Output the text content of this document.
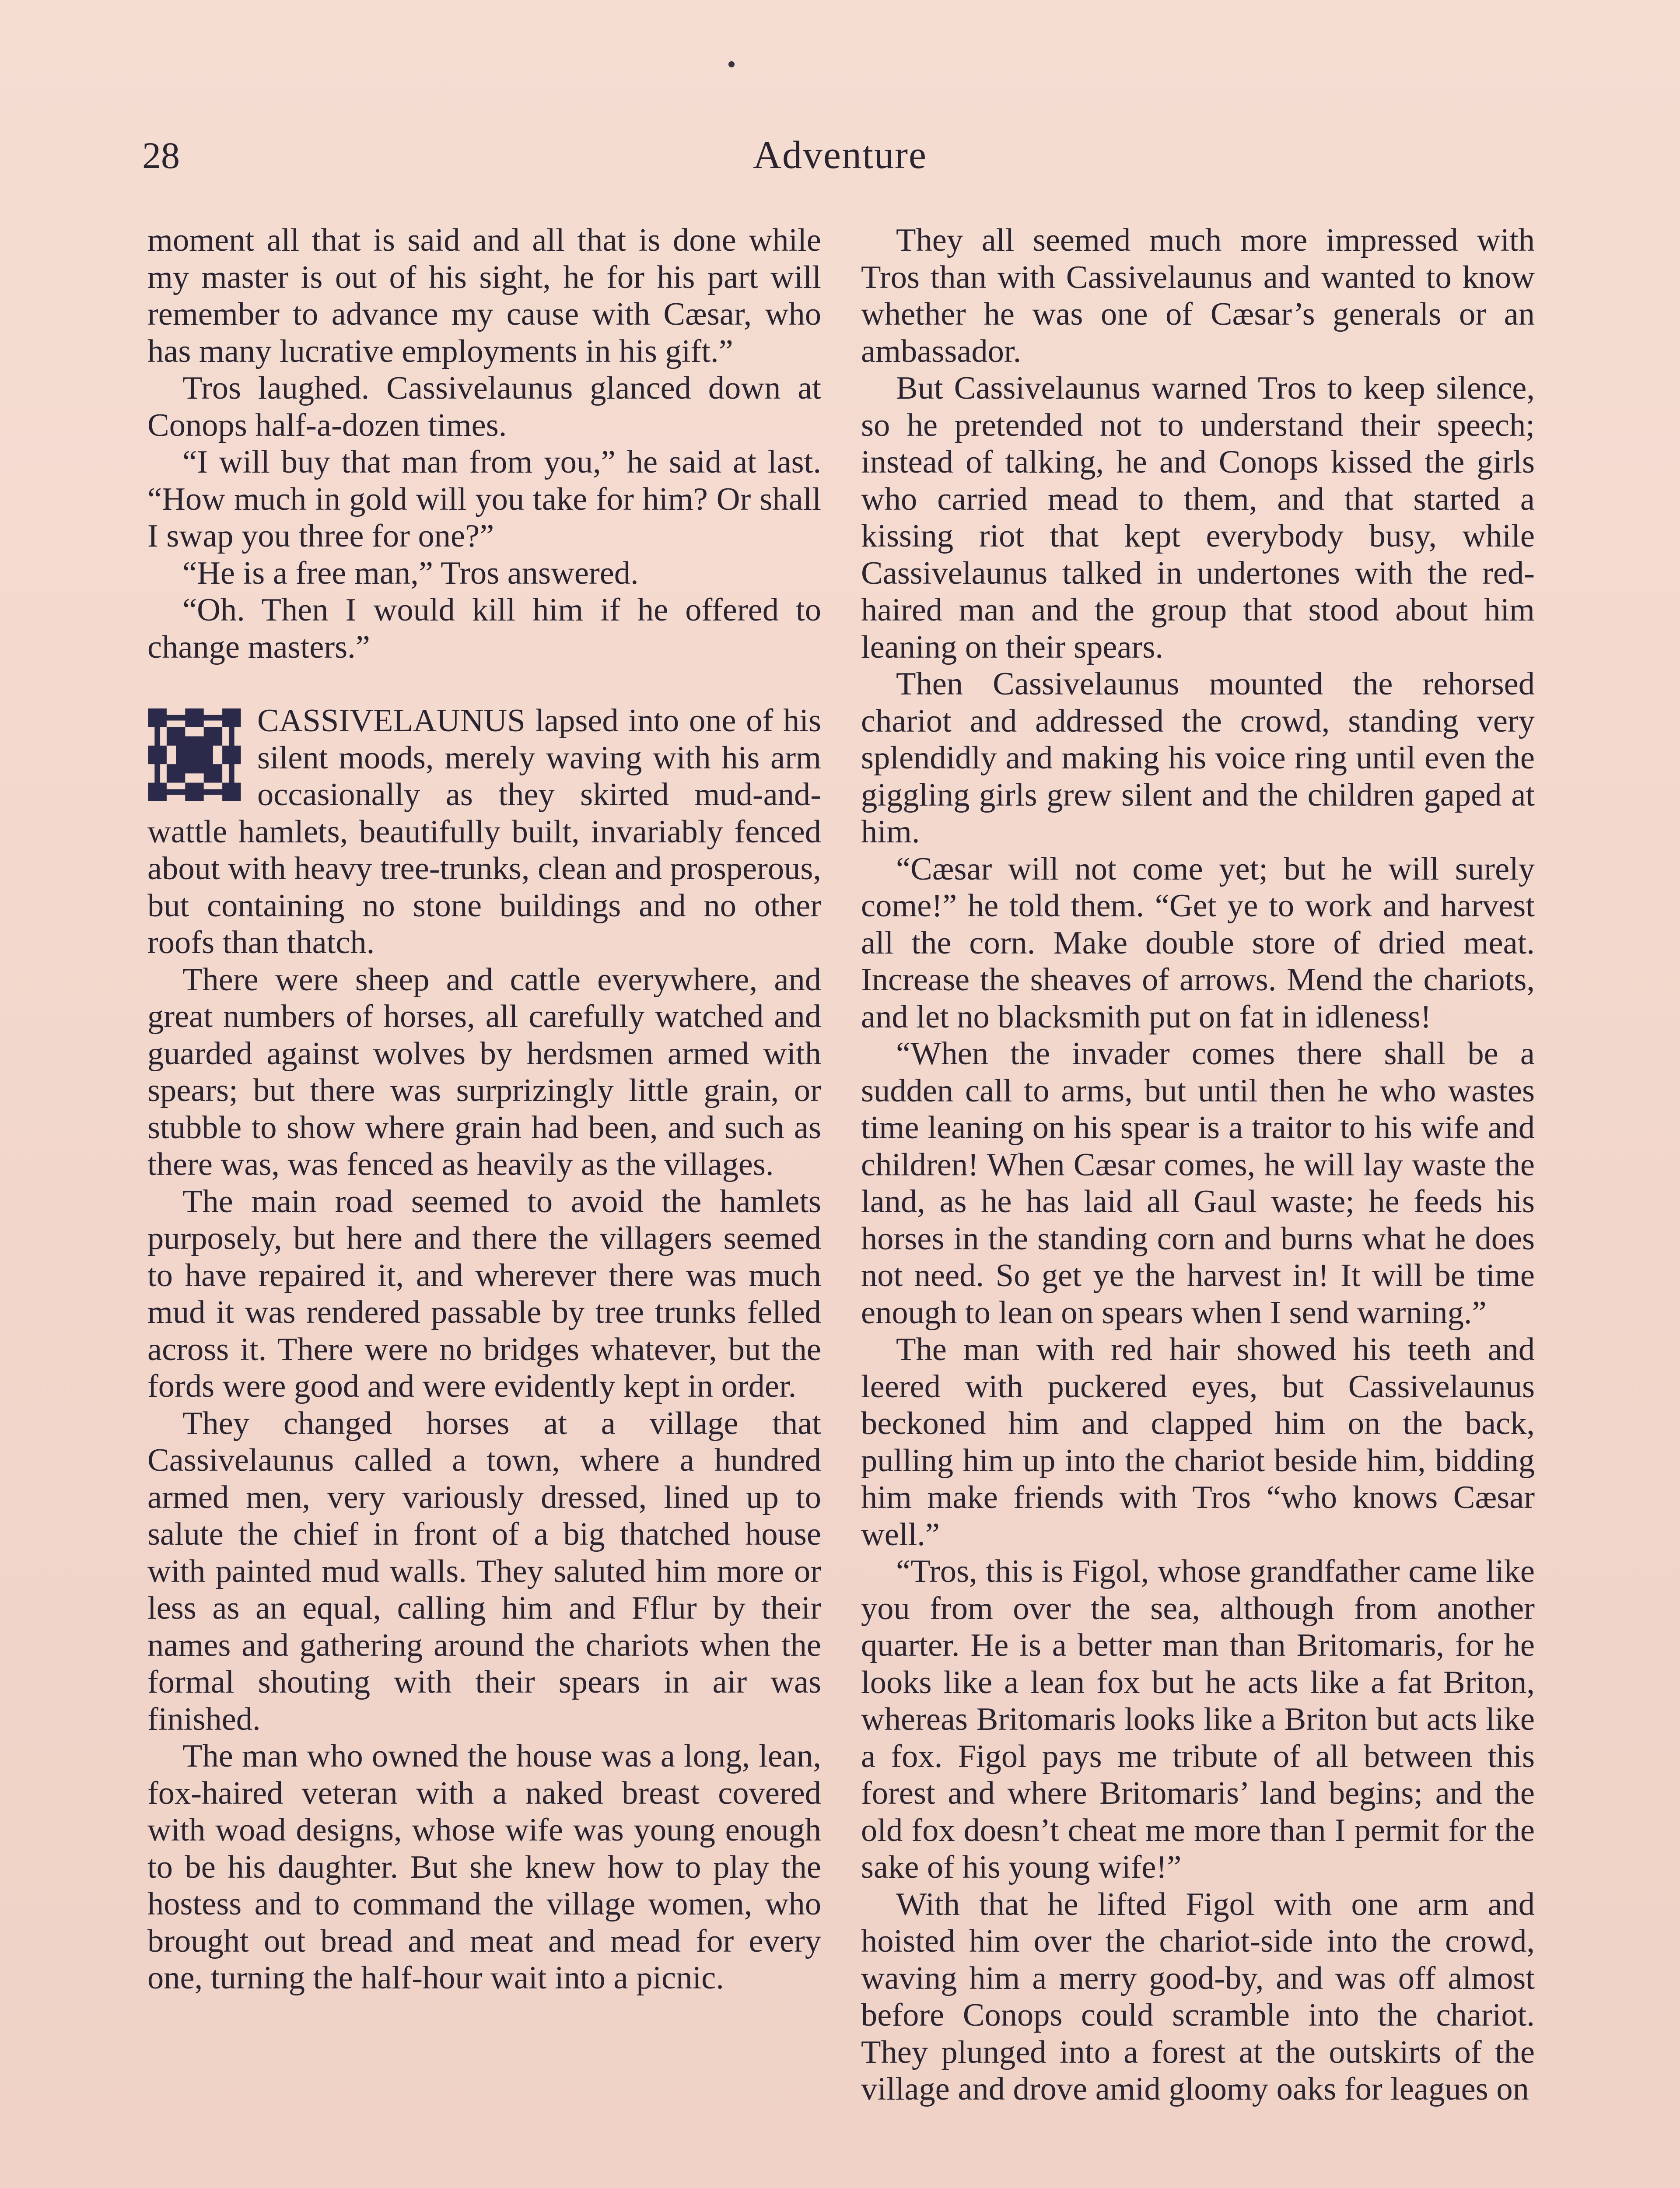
28	Adventure

moment all that is said and all that is done while my master is out of his sight, he for his part will remember to advance my cause with Cæsar, who has many lucrative employments in his gift.”

Tros laughed. Cassivelaunus glanced down at Conops half-a-dozen times.

“I will buy that man from you,” he said at last. “How much in gold will you take for him? Or shall I swap you three for one?”

“He is a free man,” Tros answered.

“Oh. Then I would kill him if he offered to change masters.”

CASSIVELAUNUS lapsed into one of his silent moods, merely waving with his arm occasionally as they skirted mud-and-wattle hamlets, beautifully built, invariably fenced about with heavy tree-trunks, clean and prosperous, but containing no stone buildings and no other roofs than thatch.

There were sheep and cattle everywhere, and great numbers of horses, all carefully watched and guarded against wolves by herdsmen armed with spears; but there was surprizingly little grain, or stubble to show where grain had been, and such as there was, was fenced as heavily as the villages.

The main road seemed to avoid the hamlets purposely, but here and there the villagers seemed to have repaired it, and wherever there was much mud it was rendered passable by tree trunks felled across it. There were no bridges whatever, but the fords were good and were evidently kept in order.

They changed horses at a village that Cassivelaunus called a town, where a hundred armed men, very variously dressed, lined up to salute the chief in front of a big thatched house with painted mud walls. They saluted him more or less as an equal, calling him and Fflur by their names and gathering around the chariots when the formal shouting with their spears in air was finished.

The man who owned the house was a long, lean, fox-haired veteran with a naked breast covered with woad designs, whose wife was young enough to be his daughter. But she knew how to play the hostess and to command the village women, who brought out bread and meat and mead for every one, turning the half-hour wait into a picnic.

They all seemed much more impressed with Tros than with Cassivelaunus and wanted to know whether he was one of Cæsar’s generals or an ambassador.

But Cassivelaunus warned Tros to keep silence, so he pretended not to understand their speech; instead of talking, he and Conops kissed the girls who carried mead to them, and that started a kissing riot that kept everybody busy, while Cassivelaunus talked in undertones with the red-haired man and the group that stood about him leaning on their spears.

Then Cassivelaunus mounted the rehorsed chariot and addressed the crowd, standing very splendidly and making his voice ring until even the giggling girls grew silent and the children gaped at him.

“Cæsar will not come yet; but he will surely come!” he told them. “Get ye to work and harvest all the corn. Make double store of dried meat. Increase the sheaves of arrows. Mend the chariots, and let no blacksmith put on fat in idleness!

“When the invader comes there shall be a sudden call to arms, but until then he who wastes time leaning on his spear is a traitor to his wife and children! When Cæsar comes, he will lay waste the land, as he has laid all Gaul waste; he feeds his horses in the standing corn and burns what he does not need. So get ye the harvest in! It will be time enough to lean on spears when I send warning.”

The man with red hair showed his teeth and leered with puckered eyes, but Cassivelaunus beckoned him and clapped him on the back, pulling him up into the chariot beside him, bidding him make friends with Tros “who knows Cæsar well.”

“Tros, this is Figol, whose grandfather came like you from over the sea, although from another quarter. He is a better man than Britomaris, for he looks like a lean fox but he acts like a fat Briton, whereas Britomaris looks like a Briton but acts like a fox. Figol pays me tribute of all between this forest and where Britomaris’ land begins; and the old fox doesn’t cheat me more than I permit for the sake of his young wife!”

With that he lifted Figol with one arm and hoisted him over the chariot-side into the crowd, waving him a merry good-by, and was off almost before Conops could scramble into the chariot. They plunged into a forest at the outskirts of the village and drove amid gloomy oaks for leagues on
